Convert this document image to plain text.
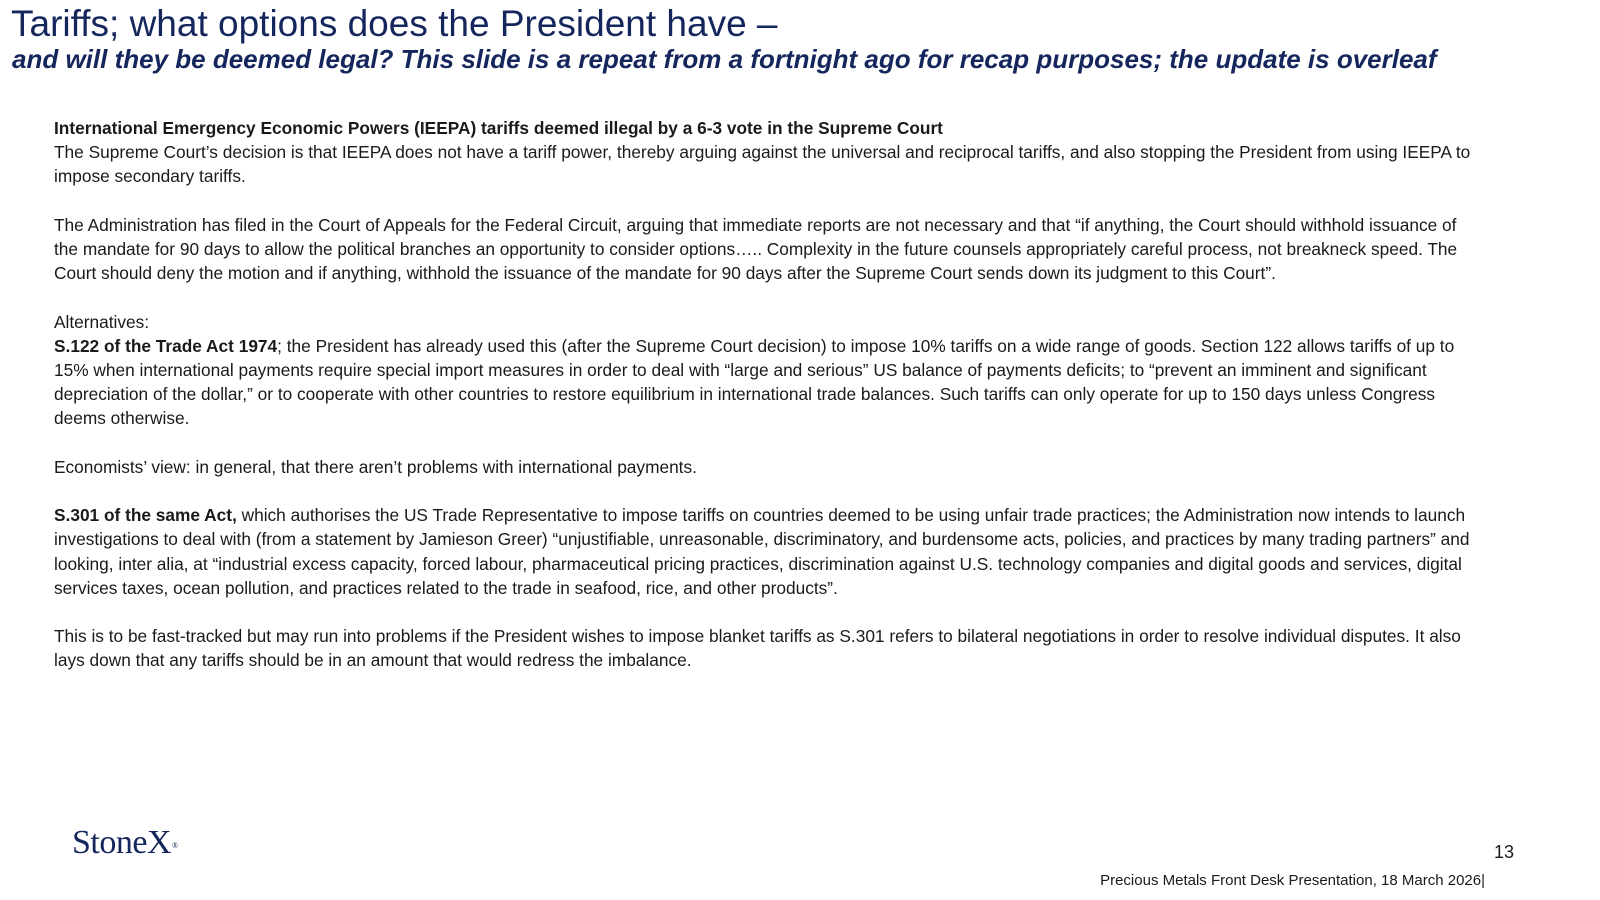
Tariffs; what options does the President have –
and will they be deemed legal? This slide is a repeat from a fortnight ago for recap purposes; the update is overleaf

International Emergency Economic Powers (IEEPA) tariffs deemed illegal by a 6-3 vote in the Supreme Court

The Supreme Court’s decision is that IEEPA does not have a tariff power, thereby arguing against the universal and reciprocal tariffs, and also stopping the President from using IEEPA to impose secondary tariffs.

The Administration has filed in the Court of Appeals for the Federal Circuit, arguing that immediate reports are not necessary and that “if anything, the Court should withhold issuance of the mandate for 90 days to allow the political branches an opportunity to consider options….. Complexity in the future counsels appropriately careful process, not breakneck speed. The Court should deny the motion and if anything, withhold the issuance of the mandate for 90 days after the Supreme Court sends down its judgment to this Court”.

Alternatives:

S.122 of the Trade Act 1974; the President has already used this (after the Supreme Court decision) to impose 10% tariffs on a wide range of goods. Section 122 allows tariffs of up to 15% when international payments require special import measures in order to deal with “large and serious” US balance of payments deficits; to “prevent an imminent and significant depreciation of the dollar,” or to cooperate with other countries to restore equilibrium in international trade balances. Such tariffs can only operate for up to 150 days unless Congress deems otherwise.

Economists’ view: in general, that there aren’t problems with international payments.

S.301 of the same Act, which authorises the US Trade Representative to impose tariffs on countries deemed to be using unfair trade practices; the Administration now intends to launch investigations to deal with (from a statement by Jamieson Greer) “unjustifiable, unreasonable, discriminatory, and burdensome acts, policies, and practices by many trading partners” and looking, inter alia, at “industrial excess capacity, forced labour, pharmaceutical pricing practices, discrimination against U.S. technology companies and digital goods and services, digital services taxes, ocean pollution, and practices related to the trade in seafood, rice, and other products”.

This is to be fast-tracked but may run into problems if the President wishes to impose blanket tariffs as S.301 refers to bilateral negotiations in order to resolve individual disputes. It also lays down that any tariffs should be in an amount that would redress the imbalance.

StoneX®	13
Precious Metals Front Desk Presentation, 18 March 2026|
